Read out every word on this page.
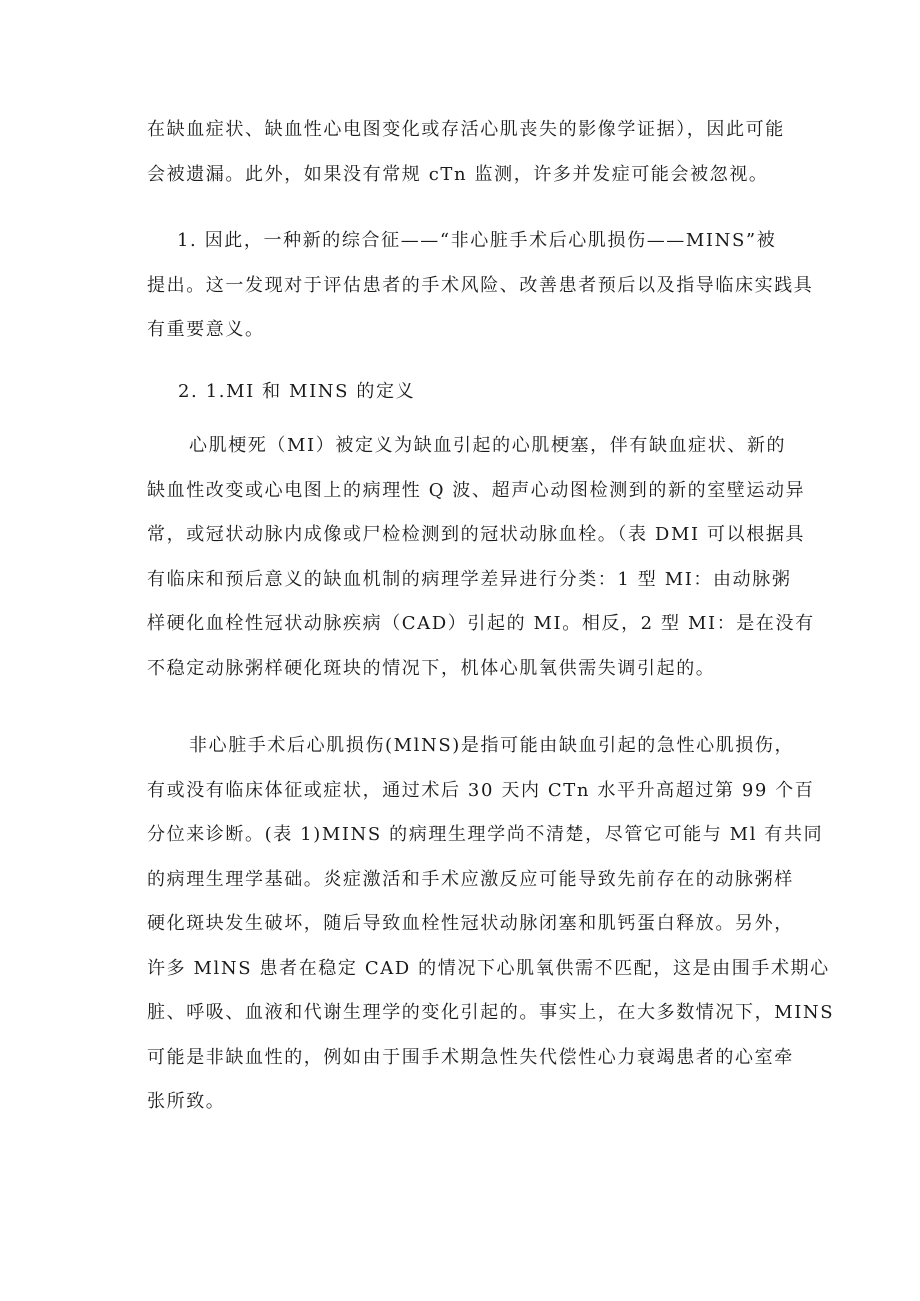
在缺血症状、缺血性心电图变化或存活心肌丧失的影像学证据），因此可能
会被遗漏。此外，如果没有常规 cTn 监测，许多并发症可能会被忽视。

1. 因此，一种新的综合征——“非心脏手术后心肌损伤——MINS”被
提出。这一发现对于评估患者的手术风险、改善患者预后以及指导临床实践具
有重要意义。

2. 1.MI 和 MINS 的定义

心肌梗死（MI）被定义为缺血引起的心肌梗塞，伴有缺血症状、新的
缺血性改变或心电图上的病理性 Q 波、超声心动图检测到的新的室壁运动异
常，或冠状动脉内成像或尸检检测到的冠状动脉血栓。（表 DMI 可以根据具
有临床和预后意义的缺血机制的病理学差异进行分类：1 型 MI：由动脉粥
样硬化血栓性冠状动脉疾病（CAD）引起的 MI。相反，2 型 MI：是在没有
不稳定动脉粥样硬化斑块的情况下，机体心肌氧供需失调引起的。

非心脏手术后心肌损伤(MlNS)是指可能由缺血引起的急性心肌损伤，
有或没有临床体征或症状，通过术后 30 天内 CTn 水平升高超过第 99 个百
分位来诊断。(表 1)MINS 的病理生理学尚不清楚，尽管它可能与 Ml 有共同
的病理生理学基础。炎症激活和手术应激反应可能导致先前存在的动脉粥样
硬化斑块发生破坏，随后导致血栓性冠状动脉闭塞和肌钙蛋白释放。另外，
许多 MlNS 患者在稳定 CAD 的情况下心肌氧供需不匹配，这是由围手术期心
脏、呼吸、血液和代谢生理学的变化引起的。事实上，在大多数情况下，MINS
可能是非缺血性的，例如由于围手术期急性失代偿性心力衰竭患者的心室牵
张所致。
